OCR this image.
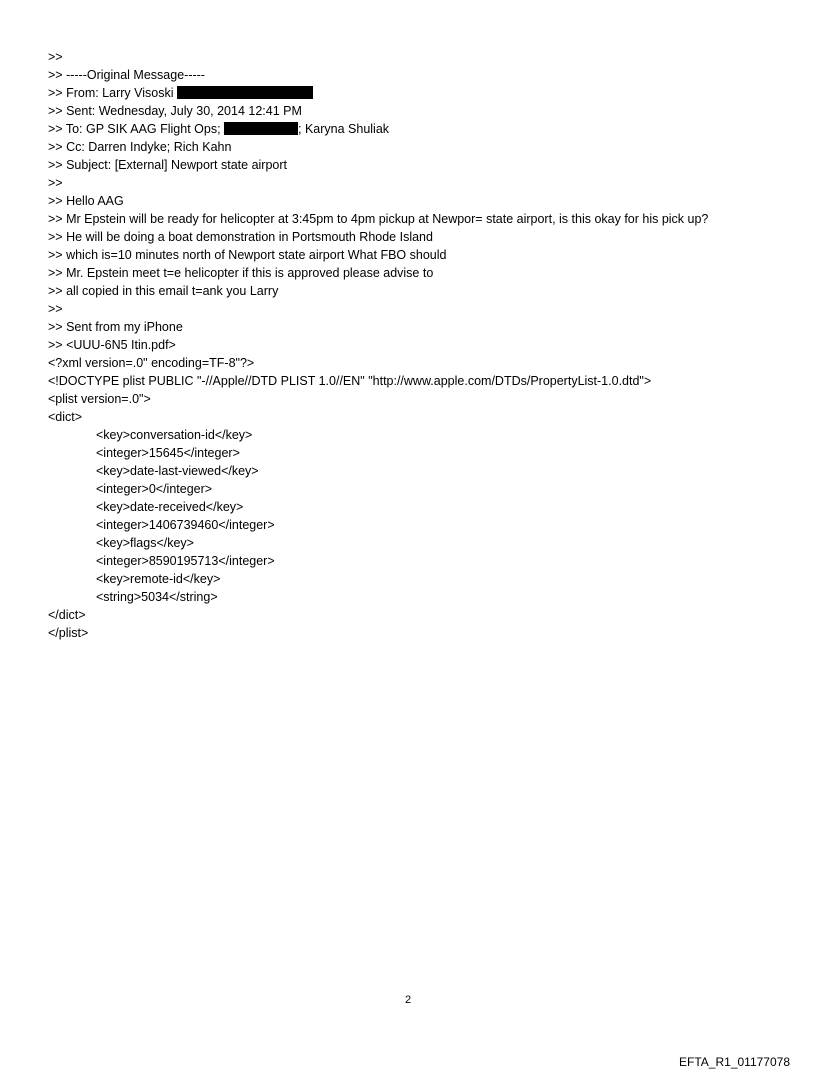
>>
>> -----Original Message-----
>> From: Larry Visoski
>> Sent: Wednesday, July 30, 2014 12:41 PM
>> To: GP SIK AAG Flight Ops;	; Karyna Shuliak
>> Cc: Darren Indyke; Rich Kahn
>> Subject: [External] Newport state airport
>>
>> Hello AAG
>> Mr Epstein will be ready for helicopter at 3:45pm to 4pm pickup at Newpor= state airport, is this okay for his pick up?
>> He will be doing a boat demonstration in Portsmouth Rhode Island
>> which is=10 minutes north of Newport state airport What FBO should
>> Mr. Epstein meet t=e helicopter if this is approved please advise to
>> all copied in this email t=ank you Larry
>>
>> Sent from my iPhone
>> <UUU-6N5 Itin.pdf>
<?xml version=.0" encoding=TF-8"?>
<!DOCTYPE plist PUBLIC "-//Apple//DTD PLIST 1.0//EN" "http://www.apple.com/DTDs/PropertyList-1.0.dtd">
<plist version=.0">
<dict>
<key>conversation-id</key>
<integer>15645</integer>
<key>date-last-viewed</key>
<integer>0</integer>
<key>date-received</key>
<integer>1406739460</integer>
<key>flags</key>
<integer>8590195713</integer>
<key>remote-id</key>
<string>5034</string>
</dict>
</plist>
2
EFTA_R1_01177078
